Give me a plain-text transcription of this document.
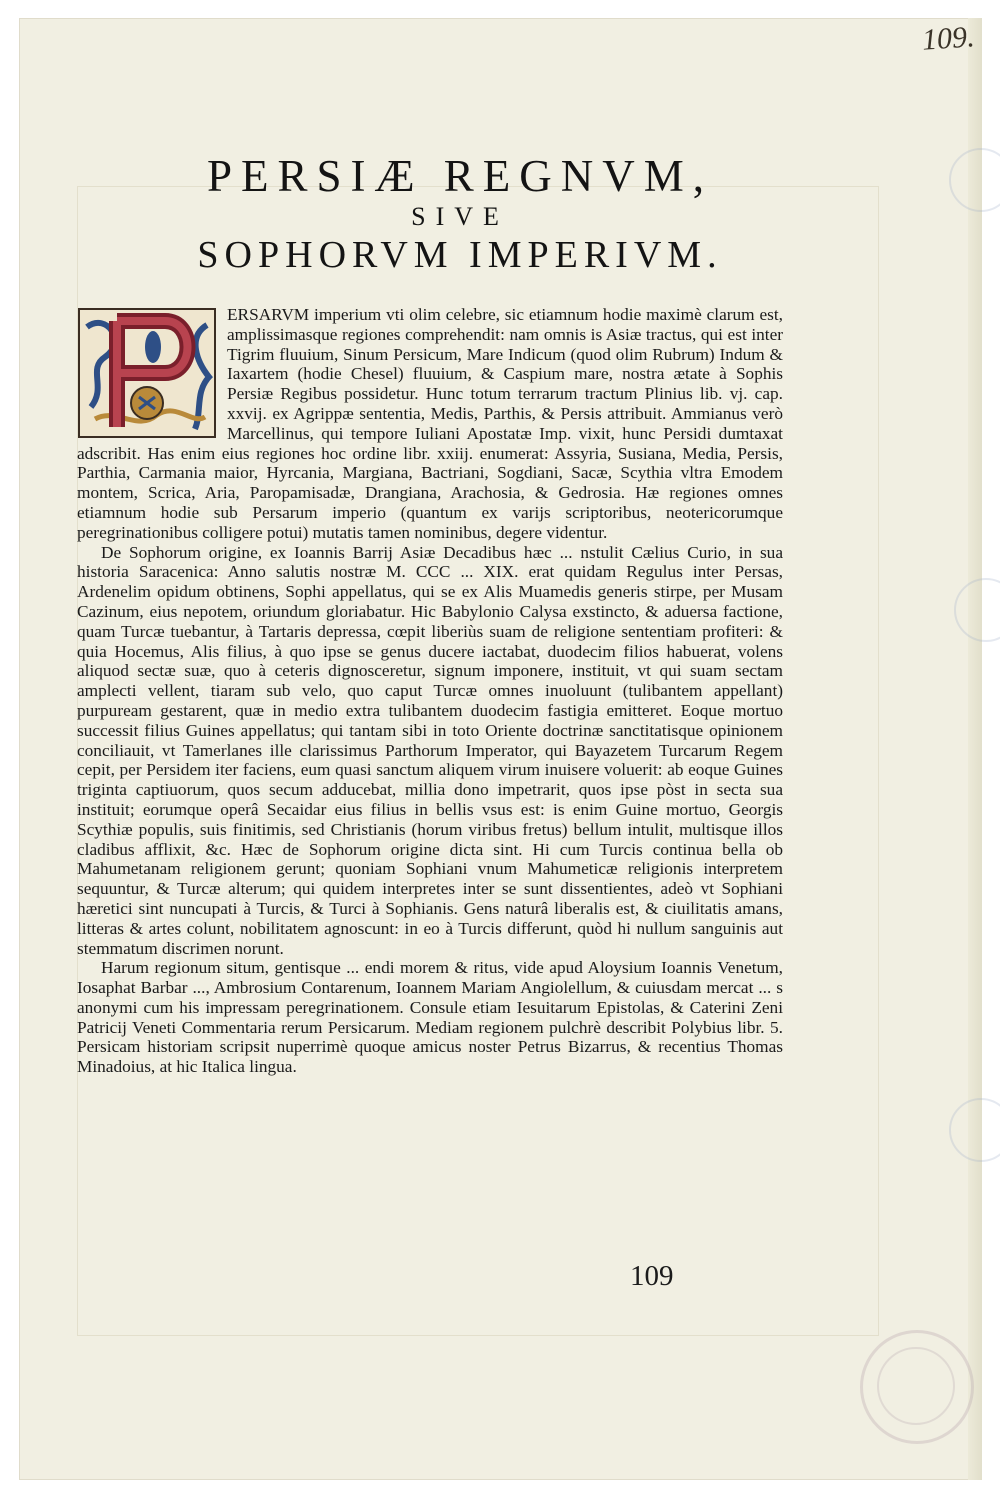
109.
PERSIÆ REGNVM,
SIVE
SOPHORVM IMPERIVM.

ERSARVM imperium vti olim celebre, sic etiamnum hodie maximè clarum est, amplissimasque regiones comprehendit: nam omnis is Asiæ tractus, qui est inter Tigrim fluuium, Sinum Persicum, Mare Indicum (quod olim Rubrum) Indum & Iaxartem (hodie Chesel) fluuium, & Caspium mare, nostra ætate à Sophis Persiæ Regibus possidetur. Hunc totum terrarum tractum Plinius lib. vj. cap. xxvij. ex Agrippæ sententia, Medis, Parthis, & Persis attribuit. Ammianus verò Marcellinus, qui tempore Iuliani Apostatæ Imp. vixit, hunc Persidi dumtaxat adscribit. Has enim eius regiones hoc ordine libr. xxiij. enumerat: Assyria, Susiana, Media, Persis, Parthia, Carmania maior, Hyrcania, Margiana, Bactriani, Sogdiani, Sacæ, Scythia vltra Emodem montem, Scrica, Aria, Paropamisadæ, Drangiana, Arachosia, & Gedrosia. Hæ regiones omnes etiamnum hodie sub Persarum imperio (quantum ex varijs scriptoribus, neotericorumque peregrinationibus colligere potui) mutatis tamen nominibus, degere videntur.

De Sophorum origine, ex Ioannis Barrij Asiæ Decadibus hæc ... nstulit Cælius Curio, in sua historia Saracenica: Anno salutis nostræ M. CCC ... XIX. erat quidam Regulus inter Persas, Ardenelim opidum obtinens, Sophi appellatus, qui se ex Alis Muamedis generis stirpe, per Musam Cazinum, eius nepotem, oriundum gloriabatur. Hic Babylonio Calysa exstincto, & aduersa factione, quam Turcæ tuebantur, à Tartaris depressa, cœpit liberiùs suam de religione sententiam profiteri: & quia Hocemus, Alis filius, à quo ipse se genus ducere iactabat, duodecim filios habuerat, volens aliquod sectæ suæ, quo à ceteris dignosceretur, signum imponere, instituit, vt qui suam sectam amplecti vellent, tiaram sub velo, quo caput Turcæ omnes inuoluunt (tulibantem appellant) purpuream gestarent, quæ in medio extra tulibantem duodecim fastigia emitteret. Eoque mortuo successit filius Guines appellatus; qui tantam sibi in toto Oriente doctrinæ sanctitatisque opinionem conciliauit, vt Tamerlanes ille clarissimus Parthorum Imperator, qui Bayazetem Turcarum Regem cepit, per Persidem iter faciens, eum quasi sanctum aliquem virum inuisere voluerit: ab eoque Guines triginta captiuorum, quos secum adducebat, millia dono impetrarit, quos ipse pòst in secta sua instituit; eorumque operâ Secaidar eius filius in bellis vsus est: is enim Guine mortuo, Georgis Scythiæ populis, suis finitimis, sed Christianis (horum viribus fretus) bellum intulit, multisque illos cladibus afflixit, &c. Hæc de Sophorum origine dicta sint. Hi cum Turcis continua bella ob Mahumetanam religionem gerunt; quoniam Sophiani vnum Mahumeticæ religionis interpretem sequuntur, & Turcæ alterum; qui quidem interpretes inter se sunt dissentientes, adeò vt Sophiani hæretici sint nuncupati à Turcis, & Turci à Sophianis. Gens naturâ liberalis est, & ciuilitatis amans, litteras & artes colunt, nobilitatem agnoscunt: in eo à Turcis differunt, quòd hi nullum sanguinis aut stemmatum discrimen norunt.

Harum regionum situm, gentisque ... endi morem & ritus, vide apud Aloysium Ioannis Venetum, Iosaphat Barbar ..., Ambrosium Contarenum, Ioannem Mariam Angiolellum, & cuiusdam mercat ... s anonymi cum his impressam peregrinationem. Consule etiam Iesuitarum Epistolas, & Caterini Zeni Patricij Veneti Commentaria rerum Persicarum. Mediam regionem pulchrè describit Polybius libr. 5. Persicam historiam scripsit nuperrimè quoque amicus noster Petrus Bizarrus, & recentius Thomas Minadoius, at hic Italica lingua.

109
